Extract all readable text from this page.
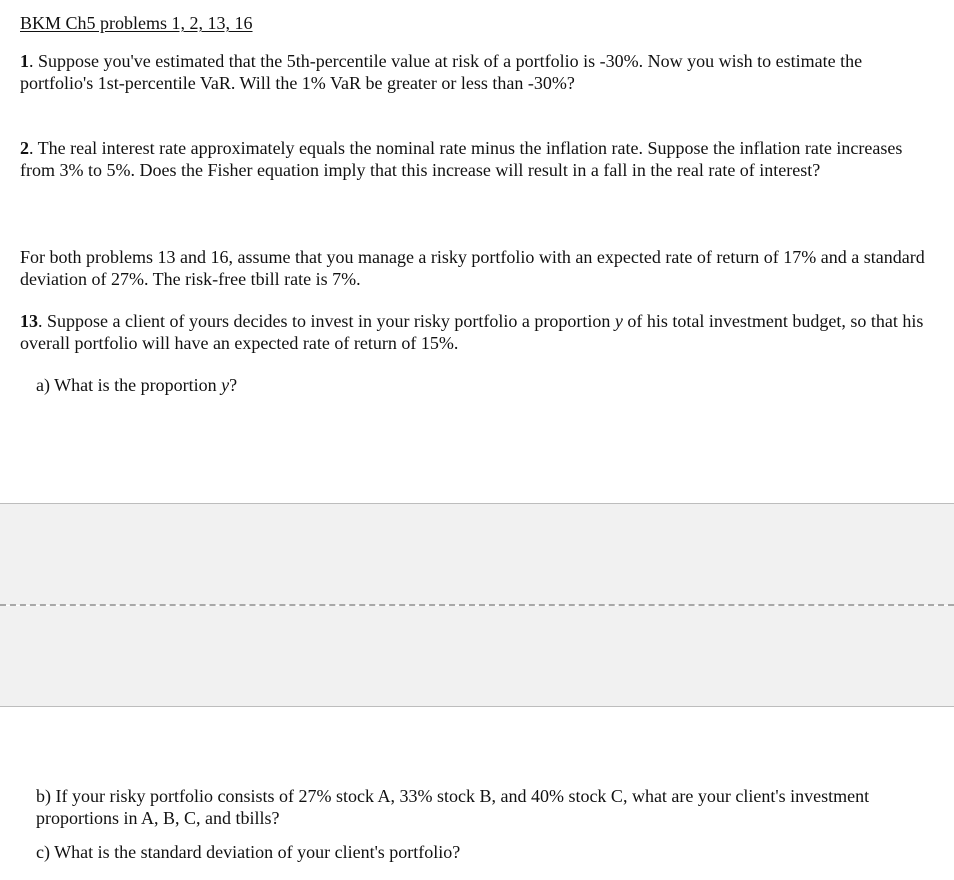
BKM Ch5 problems 1, 2, 13, 16

1. Suppose you've estimated that the 5th-percentile value at risk of a portfolio is -30%. Now you wish to estimate the portfolio's 1st-percentile VaR. Will the 1% VaR be greater or less than -30%?

2. The real interest rate approximately equals the nominal rate minus the inflation rate. Suppose the inflation rate increases from 3% to 5%. Does the Fisher equation imply that this increase will result in a fall in the real rate of interest?

For both problems 13 and 16, assume that you manage a risky portfolio with an expected rate of return of 17% and a standard deviation of 27%. The risk-free tbill rate is 7%.

13. Suppose a client of yours decides to invest in your risky portfolio a proportion y of his total investment budget, so that his overall portfolio will have an expected rate of return of 15%.

a) What is the proportion y?

b) If your risky portfolio consists of 27% stock A, 33% stock B, and 40% stock C, what are your client's investment proportions in A, B, C, and tbills?

c) What is the standard deviation of your client's portfolio?
